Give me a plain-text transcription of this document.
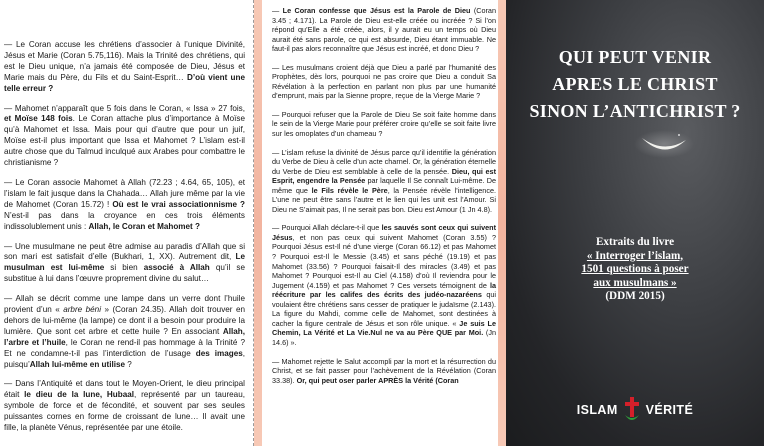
— Le Coran accuse les chrétiens d’associer à l’unique Divinité, Jésus et Marie (Coran 5.75,116). Mais la Trinité des chrétiens, qui est le Dieu unique, n’a jamais été composée de Dieu, Jésus et Marie mais du Père, du Fils et du Saint-Esprit… D’où vient une telle erreur ?
— Mahomet n’apparaît que 5 fois dans le Coran, « Issa » 27 fois, et Moïse 148 fois. Le Coran attache plus d’importance à Moïse qu’à Mahomet et Issa. Mais pour qui d’autre que pour un juif, Moïse est-il plus important que Issa et Mahomet ? L’islam est-il autre chose que du Talmud inculqué aux Arabes pour combattre le christianisme ?
— Le Coran associe Mahomet à Allah (72.23 ; 4.64, 65, 105), et l’islam le fait jusque dans la Chahada… Allah jure même par la vie de Mahomet (Coran 15.72) ! Où est le vrai associationnisme ? N’est-il pas dans la croyance en ces trois éléments indissolublement unis : Allah, le Coran et Mahomet ?
— Une musulmane ne peut être admise au paradis d’Allah que si son mari est satisfait d’elle (Bukhari, 1, XX). Autrement dit, Le musulman est lui-même si bien associé à Allah qu’il se substitue à lui dans l’œuvre proprement divine du salut…
— Allah se décrit comme une lampe dans un verre dont l’huile provient d’un « arbre béni » (Coran 24.35). Allah doit trouver en dehors de lui-même (la lampe) ce dont il a besoin pour produire la lumière. Que sont cet arbre et cette huile ? En associant Allah, l’arbre et l’huile, le Coran ne rend-il pas hommage à la Trinité ? Et ne condamne-t-il pas l’interdiction de l’usage des images, puisqu’Allah lui-même en utilise ?
— Dans l’Antiquité et dans tout le Moyen-Orient, le dieu principal était le dieu de la lune, Hubaal, représenté par un taureau, symbole de force et de fécondité, et souvent par ses seules puissantes cornes en forme de croissant de lune… Il avait une fille, la planète Vénus, représentée par une étoile.
— Le Coran confesse que Jésus est la Parole de Dieu (Coran 3.45 ; 4.171). La Parole de Dieu est-elle créée ou incréée ? Si l’on répond qu’Elle a été créée, alors, il y aurait eu un temps où Dieu aurait été sans parole, ce qui est absurde, Dieu étant immuable. Ne faut-il pas alors reconnaître que Jésus est incréé, et donc Dieu ?
— Les musulmans croient déjà que Dieu a parlé par l’humanité des Prophètes, dès lors, pourquoi ne pas croire que Dieu a conduit Sa Révélation à la perfection en parlant non plus par une humanité d’emprunt, mais par la Sienne propre, reçue de la Vierge Marie ?
— Pourquoi refuser que la Parole de Dieu Se soit faite homme dans le sein de la Vierge Marie pour préférer croire qu’elle se soit faite livre sur les omoplates d’un chameau ?
— L’islam refuse la divinité de Jésus parce qu’il identifie la génération du Verbe de Dieu à celle d’un acte charnel. Or, la génération éternelle du Verbe de Dieu est semblable à celle de la pensée. Dieu, qui est Esprit, engendre la Pensée par laquelle Il Se connaît Lui-même. De même que le Fils révèle le Père, la Pensée révèle l’intelligence. L’une ne peut être sans l’autre et le lien qui les unit est l’Amour. Si Dieu ne S’aimait pas, Il ne serait pas bon. Dieu est Amour (1 Jn 4.8).
— Pourquoi Allah déclare-t-il que les sauvés sont ceux qui suivent Jésus, et non pas ceux qui suivent Mahomet (Coran 3.55) ? Pourquoi Jésus est-Il né d’une vierge (Coran 66.12) et pas Mahomet ? Pourquoi est-Il le Messie (3.45) et sans péché (19.19) et pas Mahomet (33.56) ? Pourquoi faisait-Il des miracles (3.49) et pas Mahomet ? Pourquoi est-Il au Ciel (4.158) d’où Il reviendra pour le Jugement (4.159) et pas Mahomet ? Ces versets témoignent de la réécriture par les califes des écrits des judéo-nazaréens qui voulaient être chrétiens sans cesser de pratiquer le judaïsme (2.143). La figure du Mahdi, comme celle de Mahomet, sont destinées à cacher la figure centrale de Jésus et son rôle unique. « Je suis Le Chemin, La Vérité et La Vie.Nul ne va au Père QUE par Moi. (Jn 14.6) ».
— Mahomet rejette le Salut accompli par la mort et la résurrection du Christ, et se fait passer pour l’achèvement de la Révélation (Coran 33.38). Or, qui peut oser parler APRÈS la Vérité (Coran
QUI PEUT VENIR
APRES LE CHRIST
SINON L’ANTICHRIST ?
Extraits du livre
« Interroger l’islam,
1501 questions à poser
aux musulmans »
(DDM 2015)
ISLAM VÉRITÉ
